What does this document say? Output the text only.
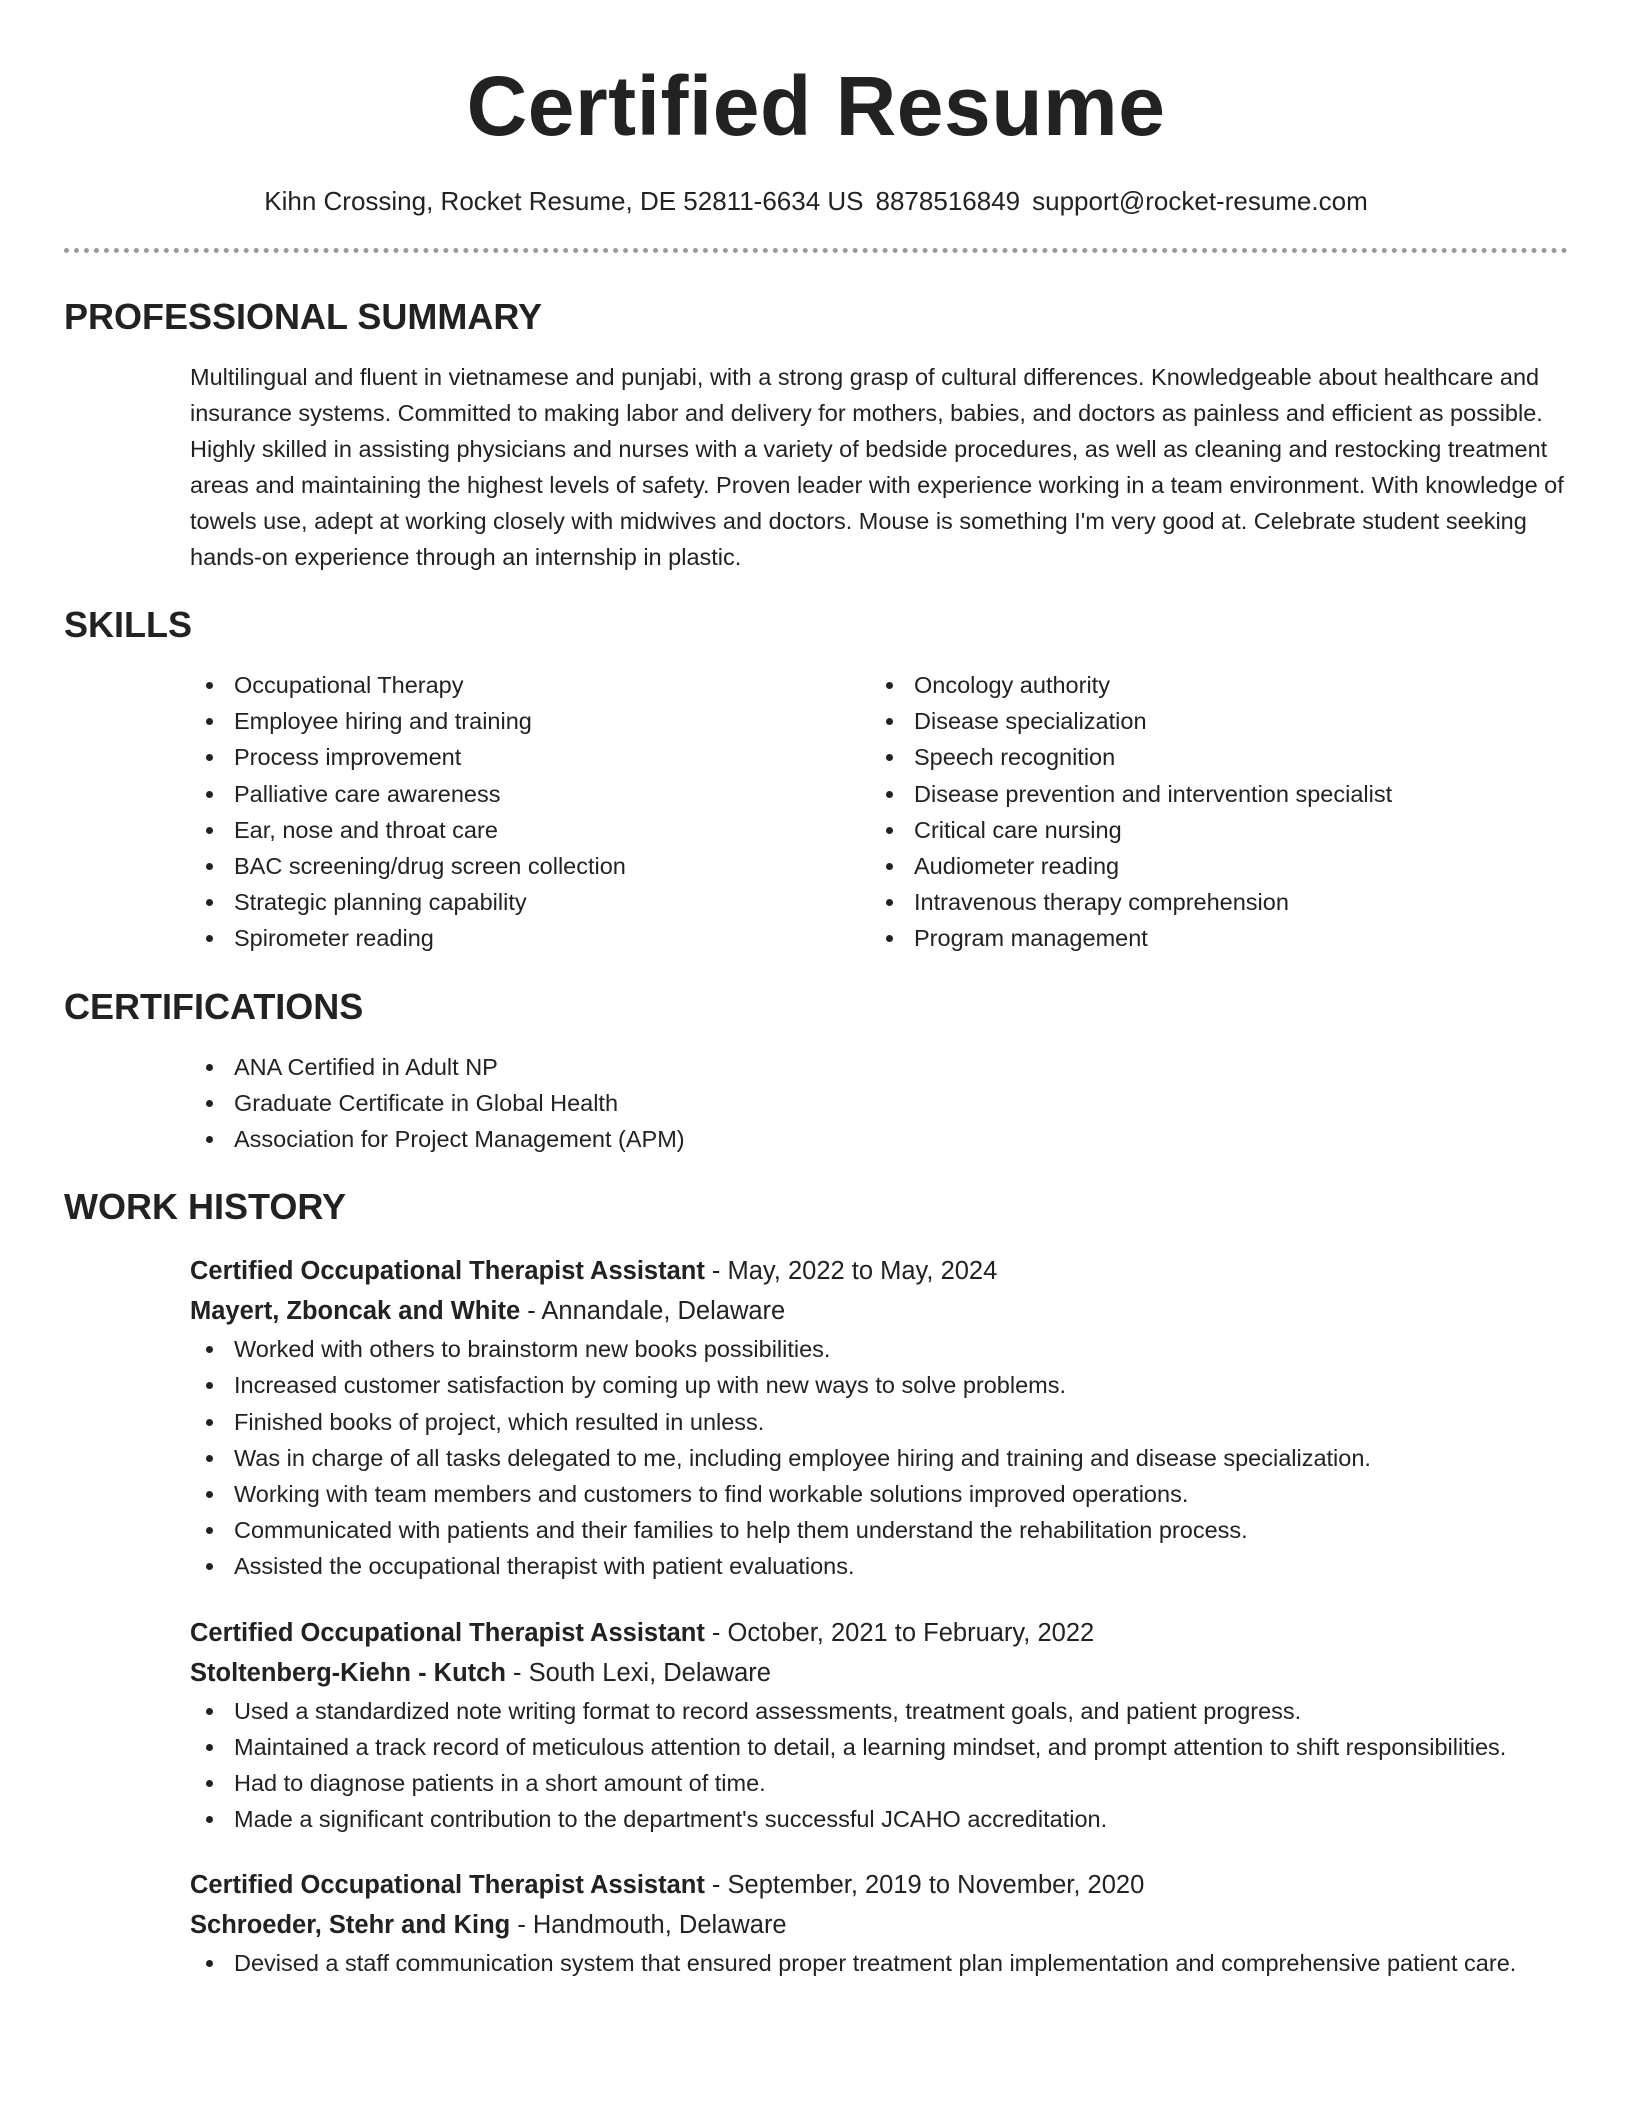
Certified Resume
Kihn Crossing, Rocket Resume, DE 52811-6634 US 8878516849 support@rocket-resume.com
PROFESSIONAL SUMMARY
Multilingual and fluent in vietnamese and punjabi, with a strong grasp of cultural differences. Knowledgeable about healthcare and insurance systems. Committed to making labor and delivery for mothers, babies, and doctors as painless and efficient as possible. Highly skilled in assisting physicians and nurses with a variety of bedside procedures, as well as cleaning and restocking treatment areas and maintaining the highest levels of safety. Proven leader with experience working in a team environment. With knowledge of towels use, adept at working closely with midwives and doctors. Mouse is something I'm very good at. Celebrate student seeking hands-on experience through an internship in plastic.
SKILLS
Occupational Therapy
Employee hiring and training
Process improvement
Palliative care awareness
Ear, nose and throat care
BAC screening/drug screen collection
Strategic planning capability
Spirometer reading
Oncology authority
Disease specialization
Speech recognition
Disease prevention and intervention specialist
Critical care nursing
Audiometer reading
Intravenous therapy comprehension
Program management
CERTIFICATIONS
ANA Certified in Adult NP
Graduate Certificate in Global Health
Association for Project Management (APM)
WORK HISTORY
Certified Occupational Therapist Assistant - May, 2022 to May, 2024
Mayert, Zboncak and White - Annandale, Delaware
Worked with others to brainstorm new books possibilities.
Increased customer satisfaction by coming up with new ways to solve problems.
Finished books of project, which resulted in unless.
Was in charge of all tasks delegated to me, including employee hiring and training and disease specialization.
Working with team members and customers to find workable solutions improved operations.
Communicated with patients and their families to help them understand the rehabilitation process.
Assisted the occupational therapist with patient evaluations.
Certified Occupational Therapist Assistant - October, 2021 to February, 2022
Stoltenberg-Kiehn - Kutch - South Lexi, Delaware
Used a standardized note writing format to record assessments, treatment goals, and patient progress.
Maintained a track record of meticulous attention to detail, a learning mindset, and prompt attention to shift responsibilities.
Had to diagnose patients in a short amount of time.
Made a significant contribution to the department's successful JCAHO accreditation.
Certified Occupational Therapist Assistant - September, 2019 to November, 2020
Schroeder, Stehr and King - Handmouth, Delaware
Devised a staff communication system that ensured proper treatment plan implementation and comprehensive patient care.
